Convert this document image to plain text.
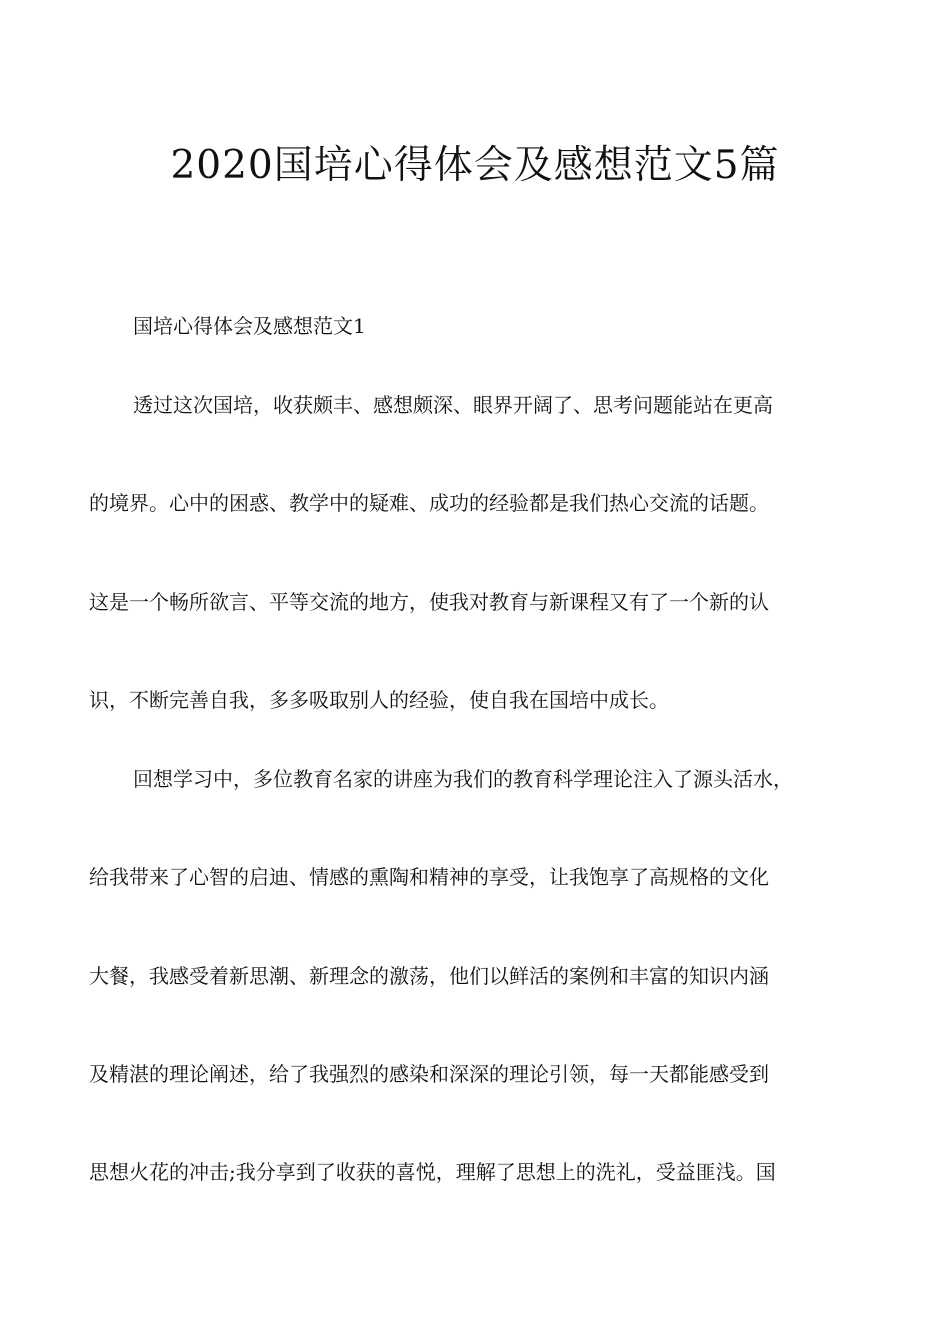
2020国培心得体会及感想范文5篇

国培心得体会及感想范文1

透过这次国培，收获颇丰、感想颇深、眼界开阔了、思考问题能站在更高

的境界。心中的困惑、教学中的疑难、成功的经验都是我们热心交流的话题。

这是一个畅所欲言、平等交流的地方，使我对教育与新课程又有了一个新的认

识，不断完善自我，多多吸取别人的经验，使自我在国培中成长。

回想学习中，多位教育名家的讲座为我们的教育科学理论注入了源头活水，

给我带来了心智的启迪、情感的熏陶和精神的享受，让我饱享了高规格的文化

大餐，我感受着新思潮、新理念的激荡，他们以鲜活的案例和丰富的知识内涵

及精湛的理论阐述，给了我强烈的感染和深深的理论引领，每一天都能感受到

思想火花的冲击;我分享到了收获的喜悦，理解了思想上的洗礼，受益匪浅。国
